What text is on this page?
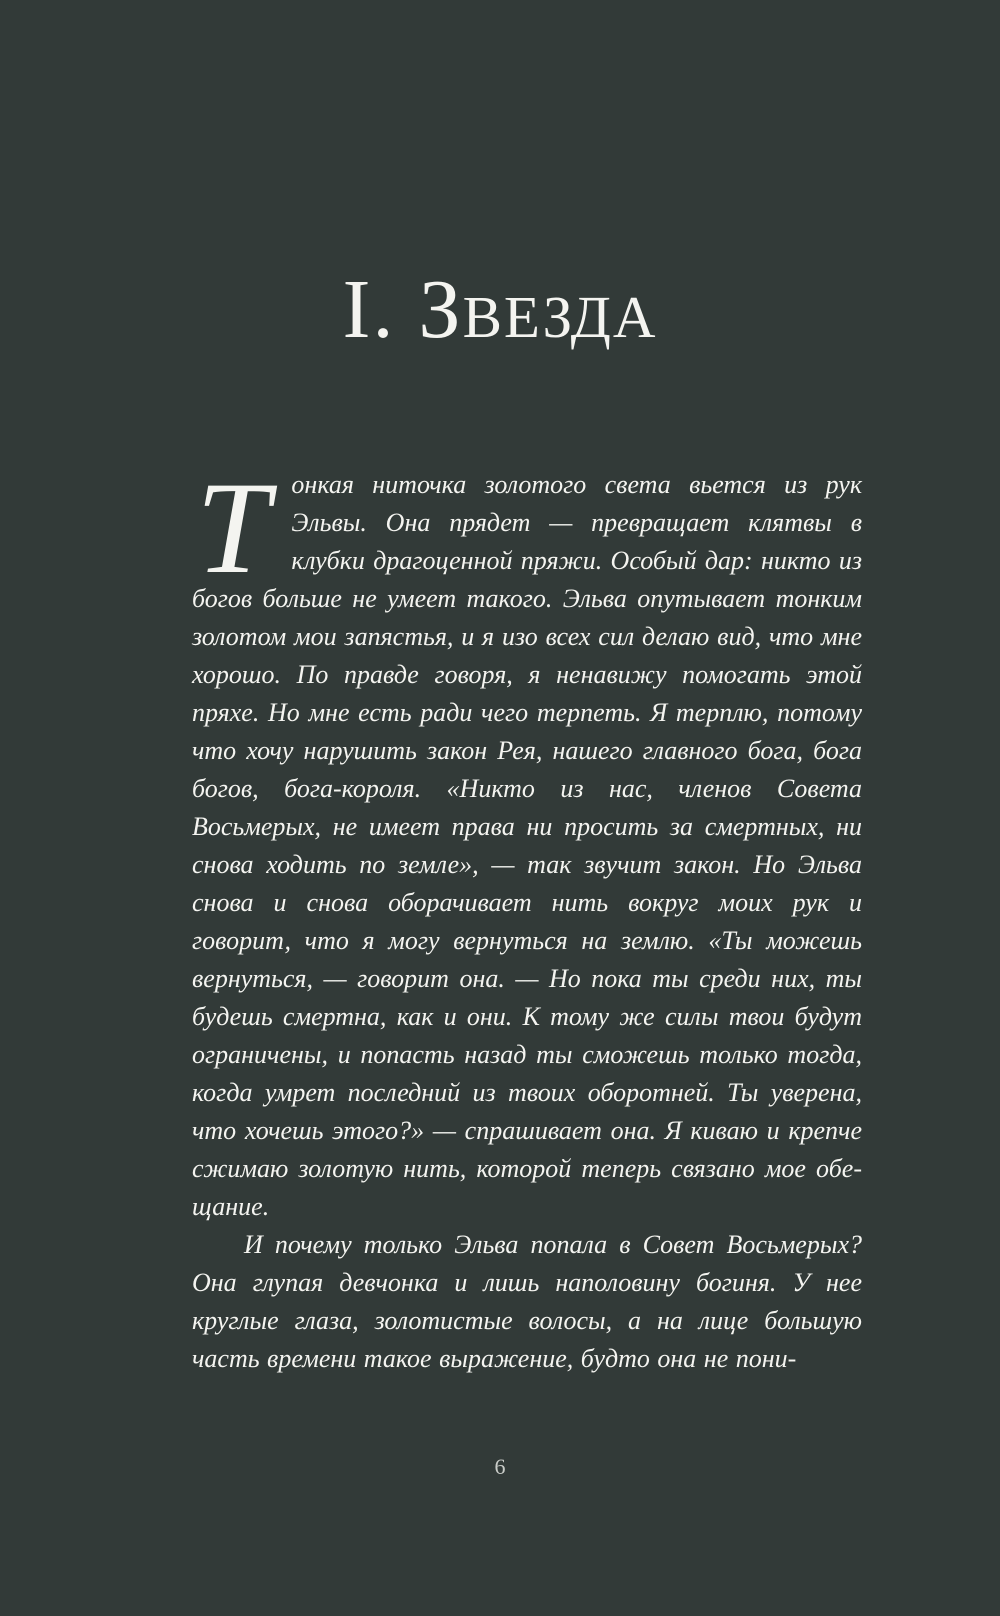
I. Звезда

Тонкая ниточка золотого света вьется из рук Эльвы. Она прядет — превращает клятвы в клубки драгоценной пряжи. Особый дар: никто из богов больше не умеет такого. Эльва опутывает тонким золотом мои запястья, и я изо всех сил делаю вид, что мне хорошо. По правде говоря, я ненавижу помогать этой пряхе. Но мне есть ради чего терпеть. Я терплю, потому что хочу нарушить закон Рея, нашего главного бога, бога богов, бога-короля. «Никто из нас, членов Совета Восьмерых, не имеет права ни просить за смертных, ни снова ходить по земле», — так звучит закон. Но Эльва снова и снова оборачивает нить вокруг моих рук и говорит, что я могу вернуться на землю. «Ты можешь вернуться, — говорит она. — Но пока ты среди них, ты будешь смертна, как и они. К тому же силы твои будут ограничены, и попасть назад ты сможешь только тогда, когда умрет последний из твоих оборотней. Ты уверена, что хочешь этого?» — спрашивает она. Я киваю и крепче сжимаю золотую нить, которой теперь связано мое обещание.

И почему только Эльва попала в Совет Восьмерых? Она глупая девчонка и лишь наполовину богиня. У нее круглые глаза, золотистые волосы, а на лице большую часть времени такое выражение, будто она не пони-

6
